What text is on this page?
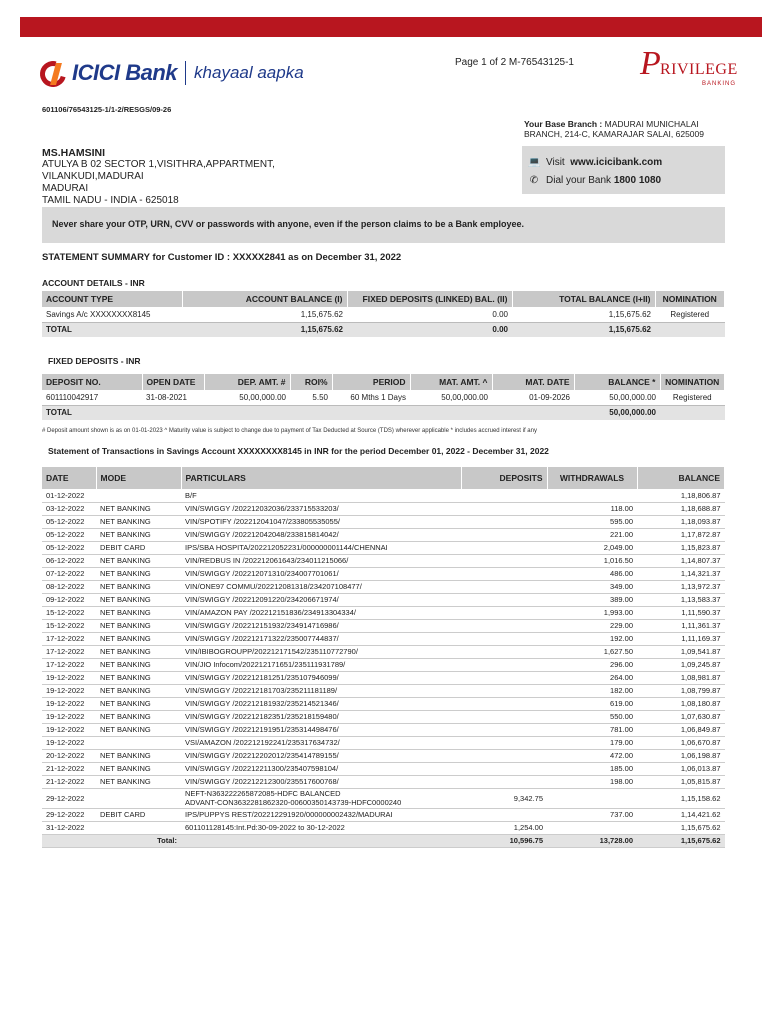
ICICI Bank khayaal aapka
Page 1 of 2 M-76543125-1 P RIVILEGE
BANKING
601106/76543125-1/1-2/RESGS/09-26
Your Base Branch : MADURAI MUNICHALAI
BRANCH, 214-C, KAMARAJAR SALAI, 625009
MS.HAMSINI
ATULYA B 02 SECTOR 1,VISITHRA,APPARTMENT,
VILANKUDI,MADURAI
MADURAI
TAMIL NADU - INDIA - 625018
💻 Visit
www.icicibank.com
✆ Dial your Bank
1800 1080
Never share your OTP, URN, CVV or passwords with anyone, even if the person claims to be a Bank employee.
STATEMENT SUMMARY for Customer ID : XXXXX2841 as on December 31, 2022
ACCOUNT DETAILS - INR
ACCOUNT TYPE	ACCOUNT BALANCE (I)	FIXED DEPOSITS (LINKED) BAL. (II)	TOTAL BALANCE (I+II)	NOMINATION
Savings A/c XXXXXXXX8145	1,15,675.62	0.00	1,15,675.62	Registered
TOTAL	1,15,675.62	0.00	1,15,675.62	
FIXED DEPOSITS - INR
DEPOSIT NO.	OPEN DATE	DEP. AMT. #	ROI%	PERIOD	MAT. AMT. ^	MAT. DATE	BALANCE *	NOMINATION
601110042917	31-08-2021	50,00,000.00	5.50	60 Mths 1 Days	50,00,000.00	01-09-2026	50,00,000.00	Registered
TOTAL							50,00,000.00	
# Deposit amount shown is as on 01-01-2023 ^ Maturity value is subject to change due to payment of Tax Deducted at Source (TDS) wherever applicable * includes accrued interest if any
Statement of Transactions in Savings Account XXXXXXXX8145 in INR for the period December 01, 2022 - December 31, 2022
DATE	MODE	PARTICULARS	DEPOSITS	WITHDRAWALS	BALANCE
01-12-2022		B/F			1,18,806.87
03-12-2022	NET BANKING	VIN/SWIGGY /202212032036/233715533203/		118.00	1,18,688.87
05-12-2022	NET BANKING	VIN/SPOTIFY /202212041047/233805535055/		595.00	1,18,093.87
05-12-2022	NET BANKING	VIN/SWIGGY /202212042048/233815814042/		221.00	1,17,872.87
05-12-2022	DEBIT CARD	IPS/SBA HOSPITA/202212052231/000000001144/CHENNAI		2,049.00	1,15,823.87
06-12-2022	NET BANKING	VIN/REDBUS IN /202212061643/234011215066/		1,016.50	1,14,807.37
07-12-2022	NET BANKING	VIN/SWIGGY /202212071310/234007701061/		486.00	1,14,321.37
08-12-2022	NET BANKING	VIN/ONE97 COMMU/202212081318/234207108477/		349.00	1,13,972.37
09-12-2022	NET BANKING	VIN/SWIGGY /202212091220/234206671974/		389.00	1,13,583.37
15-12-2022	NET BANKING	VIN/AMAZON PAY /202212151836/234913304334/		1,993.00	1,11,590.37
15-12-2022	NET BANKING	VIN/SWIGGY /202212151932/234914716986/		229.00	1,11,361.37
17-12-2022	NET BANKING	VIN/SWIGGY /202212171322/235007744837/		192.00	1,11,169.37
17-12-2022	NET BANKING	VIN/IBIBOGROUPP/202212171542/235110772790/		1,627.50	1,09,541.87
17-12-2022	NET BANKING	VIN/JIO Infocom/202212171651/235111931789/		296.00	1,09,245.87
19-12-2022	NET BANKING	VIN/SWIGGY /202212181251/235107946099/		264.00	1,08,981.87
19-12-2022	NET BANKING	VIN/SWIGGY /202212181703/235211181189/		182.00	1,08,799.87
19-12-2022	NET BANKING	VIN/SWIGGY /202212181932/235214521346/		619.00	1,08,180.87
19-12-2022	NET BANKING	VIN/SWIGGY /202212182351/235218159480/		550.00	1,07,630.87
19-12-2022	NET BANKING	VIN/SWIGGY /202212191951/235314498476/		781.00	1,06,849.87
19-12-2022		VSI/AMAZON /202212192241/235317634732/		179.00	1,06,670.87
20-12-2022	NET BANKING	VIN/SWIGGY /202212202012/235414789155/		472.00	1,06,198.87
21-12-2022	NET BANKING	VIN/SWIGGY /202212211300/235407598104/		185.00	1,06,013.87
21-12-2022	NET BANKING	VIN/SWIGGY /202212212300/235517600768/		198.00	1,05,815.87
29-12-2022		NEFT-N363222265872085-HDFC BALANCED
ADVANT-CON3632281862320-00600350143739-HDFC0000240	9,342.75		1,15,158.62
29-12-2022	DEBIT CARD	IPS/PUPPYS REST/202212291920/000000002432/MADURAI		737.00	1,14,421.62
31-12-2022		601101128145:Int.Pd:30-09-2022 to 30-12-2022	1,254.00		1,15,675.62
	Total:		10,596.75	13,728.00	1,15,675.62
